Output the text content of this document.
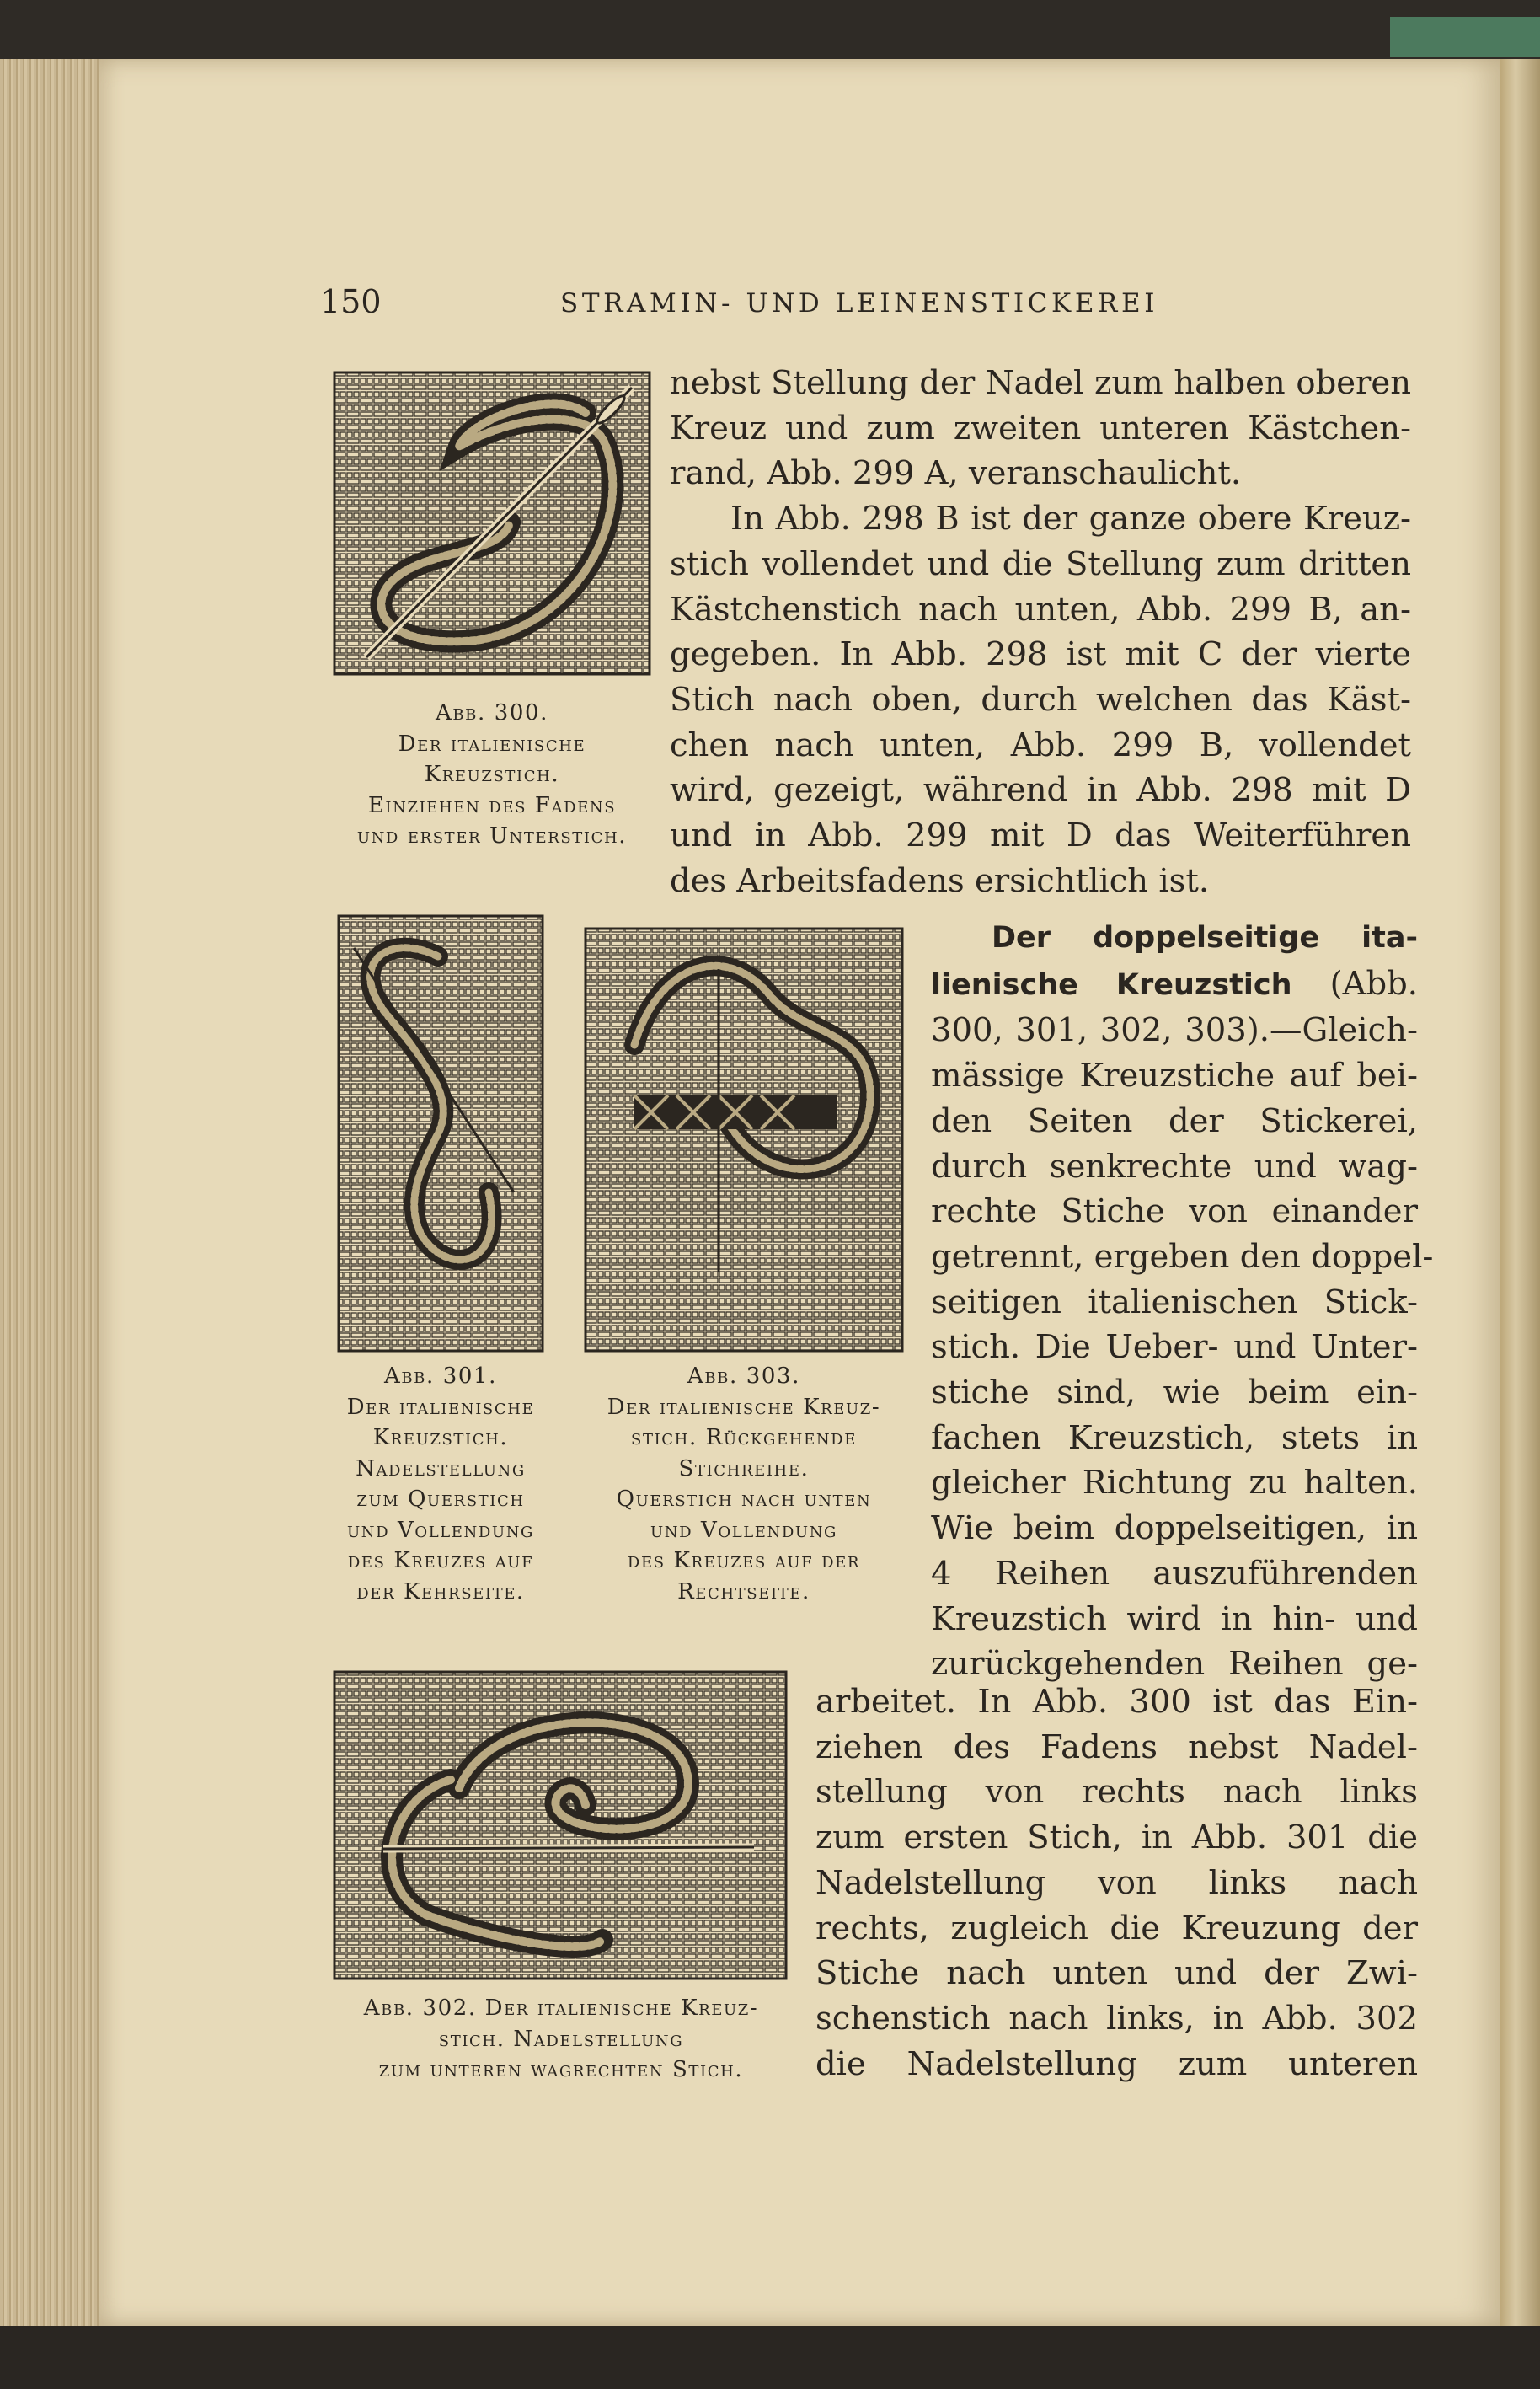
150	STRAMIN- UND LEINENSTICKEREI
Abb. 300.
Der italienische
Kreuzstich.
Einziehen des Fadens
und erster Unterstich.
Abb. 301.
Der italienische
Kreuzstich.
Nadelstellung
zum Querstich
und Vollendung
des Kreuzes auf
der Kehrseite.
Abb. 303.
Der italienische Kreuz-
stich. Rückgehende
Stichreihe.
Querstich nach unten
und Vollendung
des Kreuzes auf der
Rechtseite.
Abb. 302. Der italienische Kreuz-
stich. Nadelstellung
zum unteren wagrechten Stich.

nebst Stellung der Nadel zum halben oberen

Kreuz und zum zweiten unteren Kästchen-

rand, Abb. 299 A, veranschaulicht.

In Abb. 298 B ist der ganze obere Kreuz-

stich vollendet und die Stellung zum dritten

Kästchenstich nach unten, Abb. 299 B, an-

gegeben. In Abb. 298 ist mit C der vierte

Stich nach oben, durch welchen das Käst-

chen nach unten, Abb. 299 B, vollendet

wird, gezeigt, während in Abb. 298 mit D

und in Abb. 299 mit D das Weiterführen

des Arbeitsfadens ersichtlich ist.

Der doppelseitige ita-

lienische Kreuzstich (Abb.

300, 301, 302, 303).—Gleich-

mässige Kreuzstiche auf bei-

den Seiten der Stickerei,

durch senkrechte und wag-

rechte Stiche von einander

getrennt, ergeben den doppel-

seitigen italienischen Stick-

stich. Die Ueber- und Unter-

stiche sind, wie beim ein-

fachen Kreuzstich, stets in

gleicher Richtung zu halten.

Wie beim doppelseitigen, in

4 Reihen auszuführenden

Kreuzstich wird in hin- und

zurückgehenden Reihen ge-

arbeitet. In Abb. 300 ist das Ein-

ziehen des Fadens nebst Nadel-

stellung von rechts nach links

zum ersten Stich, in Abb. 301 die

Nadelstellung von links nach

rechts, zugleich die Kreuzung der

Stiche nach unten und der Zwi-

schenstich nach links, in Abb. 302

die Nadelstellung zum unteren
